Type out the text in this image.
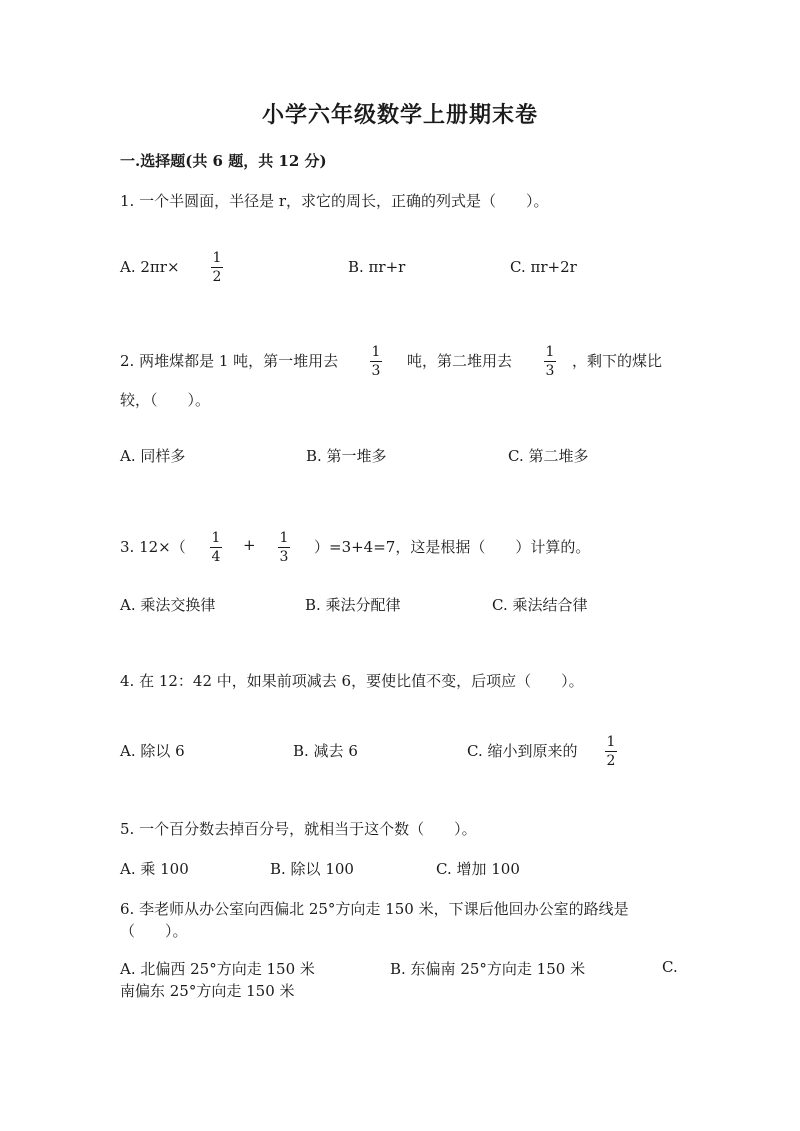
小学六年级数学上册期末卷
一.选择题(共 6 题，共 12 分)
1. 一个半圆面，半径是 r，求它的周长，正确的列式是（　　）。
A. 2πr× 1
2
B. πr+r	C. πr+2r
2. 两堆煤都是 1 吨，第一堆用去 1
3
吨，第二堆用去 1
3
，剩下的煤比
较，（　　）。
A. 同样多	B. 第一堆多	C. 第二堆多
3. 12×（ 1
4
+ 1
3
）=3+4=7，这是根据（　　）计算的。
A. 乘法交换律	B. 乘法分配律	C. 乘法结合律
4. 在 12：42 中，如果前项减去 6，要使比值不变，后项应（　　）。
A. 除以 6	B. 减去 6	C. 缩小到原来的 1
2
5. 一个百分数去掉百分号，就相当于这个数（　　）。
A. 乘 100	B. 除以 100	C. 增加 100
6. 李老师从办公室向西偏北 25°方向走 150 米，下课后他回办公室的路线是
（　　）。
A. 北偏西 25°方向走 150 米	B. 东偏南 25°方向走 150 米	C.
南偏东 25°方向走 150 米
